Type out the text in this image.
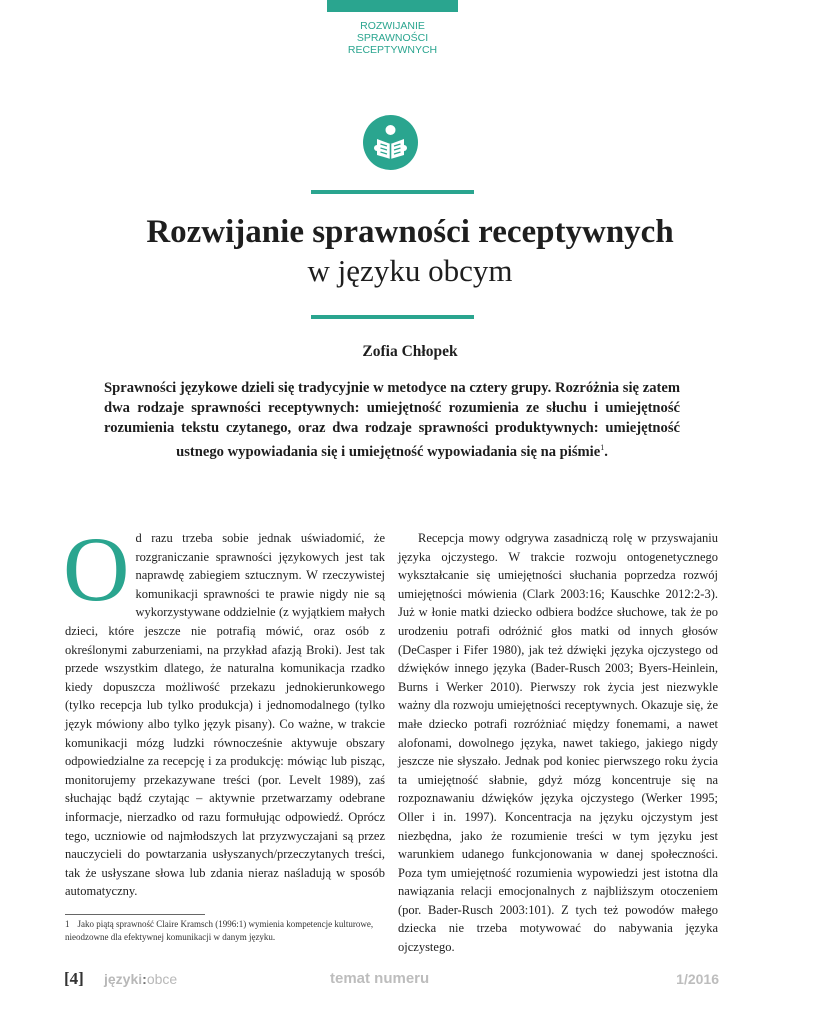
ROZWIJANIE
SPRAWNOŚCI
RECEPTYWNYCH
Rozwijanie sprawności receptywnych
w języku obcym
Zofia Chłopek
Sprawności językowe dzieli się tradycyjnie w metodyce na cztery grupy. Rozróżnia się zatem dwa rodzaje sprawności receptywnych: umiejętność rozumienia ze słuchu i umiejętność rozumienia tekstu czytanego, oraz dwa rodzaje sprawności produktywnych: umiejętność ustnego wypowiadania się i umiejętność wypowiadania się na piśmie$^1$.

O d razu trzeba sobie jednak uświadomić, że rozgraniczanie sprawności językowych jest tak naprawdę zabiegiem sztucznym. W rzeczywistej komunikacji sprawności te prawie nigdy nie są wykorzystywane oddzielnie (z wyjątkiem małych dzieci, które jeszcze nie potrafią mówić, oraz osób z określonymi zaburzeniami, na przykład afazją Broki). Jest tak przede wszystkim dlatego, że naturalna komunikacja rzadko kiedy dopuszcza możliwość przekazu jednokierunkowego (tylko recepcja lub tylko produkcja) i jednomodalnego (tylko język mówiony albo tylko język pisany). Co ważne, w trakcie komunikacji mózg ludzki równocześnie aktywuje obszary odpowiedzialne za recepcję i za produkcję: mówiąc lub pisząc, monitorujemy przekazywane treści (por. Levelt 1989), zaś słuchając bądź czytając – aktywnie przetwarzamy odebrane informacje, nierzadko od razu formułując odpowiedź. Oprócz tego, uczniowie od najmłodszych lat przyzwyczajani są przez nauczycieli do powtarzania usłyszanych/przeczytanych treści, tak że usłyszane słowa lub zdania nieraz naśladują w sposób automatyczny.

Recepcja mowy odgrywa zasadniczą rolę w przyswajaniu języka ojczystego. W trakcie rozwoju ontogenetycznego wykształcanie się umiejętności słuchania poprzedza rozwój umiejętności mówienia (Clark 2003:16; Kauschke 2012:2-3). Już w łonie matki dziecko odbiera bodźce słuchowe, tak że po urodzeniu potrafi odróżnić głos matki od innych głosów (DeCasper i Fifer 1980), jak też dźwięki języka ojczystego od dźwięków innego języka (Bader-Rusch 2003; Byers-Heinlein, Burns i Werker 2010). Pierwszy rok życia jest niezwykle ważny dla rozwoju umiejętności receptywnych. Okazuje się, że małe dziecko potrafi rozróżniać między fonemami, a nawet alofonami, dowolnego języka, nawet takiego, jakiego nigdy jeszcze nie słyszało. Jednak pod koniec pierwszego roku życia ta umiejętność słabnie, gdyż mózg koncentruje się na rozpoznawaniu dźwięków języka ojczystego (Werker 1995; Oller i in. 1997). Koncentracja na języku ojczystym jest niezbędna, jako że rozumienie treści w tym języku jest warunkiem udanego funkcjonowania w danej społeczności. Poza tym umiejętność rozumienia wypowiedzi jest istotna dla nawiązania relacji emocjonalnych z najbliższym otoczeniem (por. Bader-Rusch 2003:101). Z tych też powodów małego dziecka nie trzeba motywować do nabywania języka ojczystego.

1 Jako piątą sprawność Claire Kramsch (1996:1) wymienia kompetencje kulturowe, nieodzowne dla efektywnej komunikacji w danym języku.
[4] języki:obce	temat numeru	1/2016
